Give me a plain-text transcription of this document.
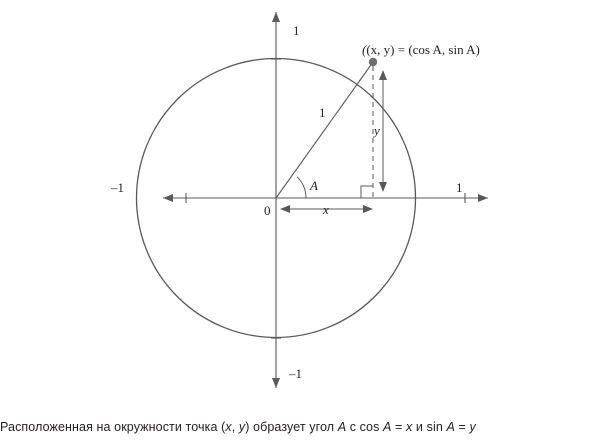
((x, y) = (cos A, sin A)
1
–1
–1	1
0
1
A
x
y
Расположенная на окружности точка (x, y) образует угол A с cos A = x и sin A = y
